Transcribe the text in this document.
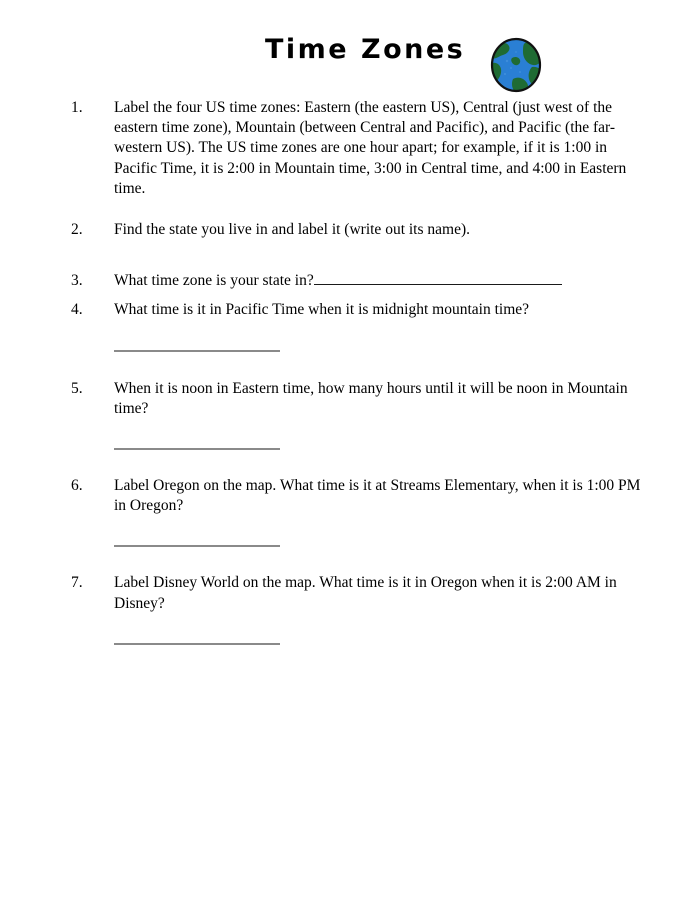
Time Zones
1. Label the four US time zones: Eastern (the eastern US), Central (just west of the eastern time zone), Mountain (between Central and Pacific), and Pacific (the far-western US). The US time zones are one hour apart; for example, if it is 1:00 in Pacific Time, it is 2:00 in Mountain time, 3:00 in Central time, and 4:00 in Eastern time.
2. Find the state you live in and label it (write out its name).
3. What time zone is your state in?
4. What time is it in Pacific Time when it is midnight mountain time?
5. When it is noon in Eastern time, how many hours until it will be noon in Mountain time?
6. Label Oregon on the map. What time is it at Streams Elementary, when it is 1:00 PM in Oregon?
7. Label Disney World on the map. What time is it in Oregon when it is 2:00 AM in Disney?
